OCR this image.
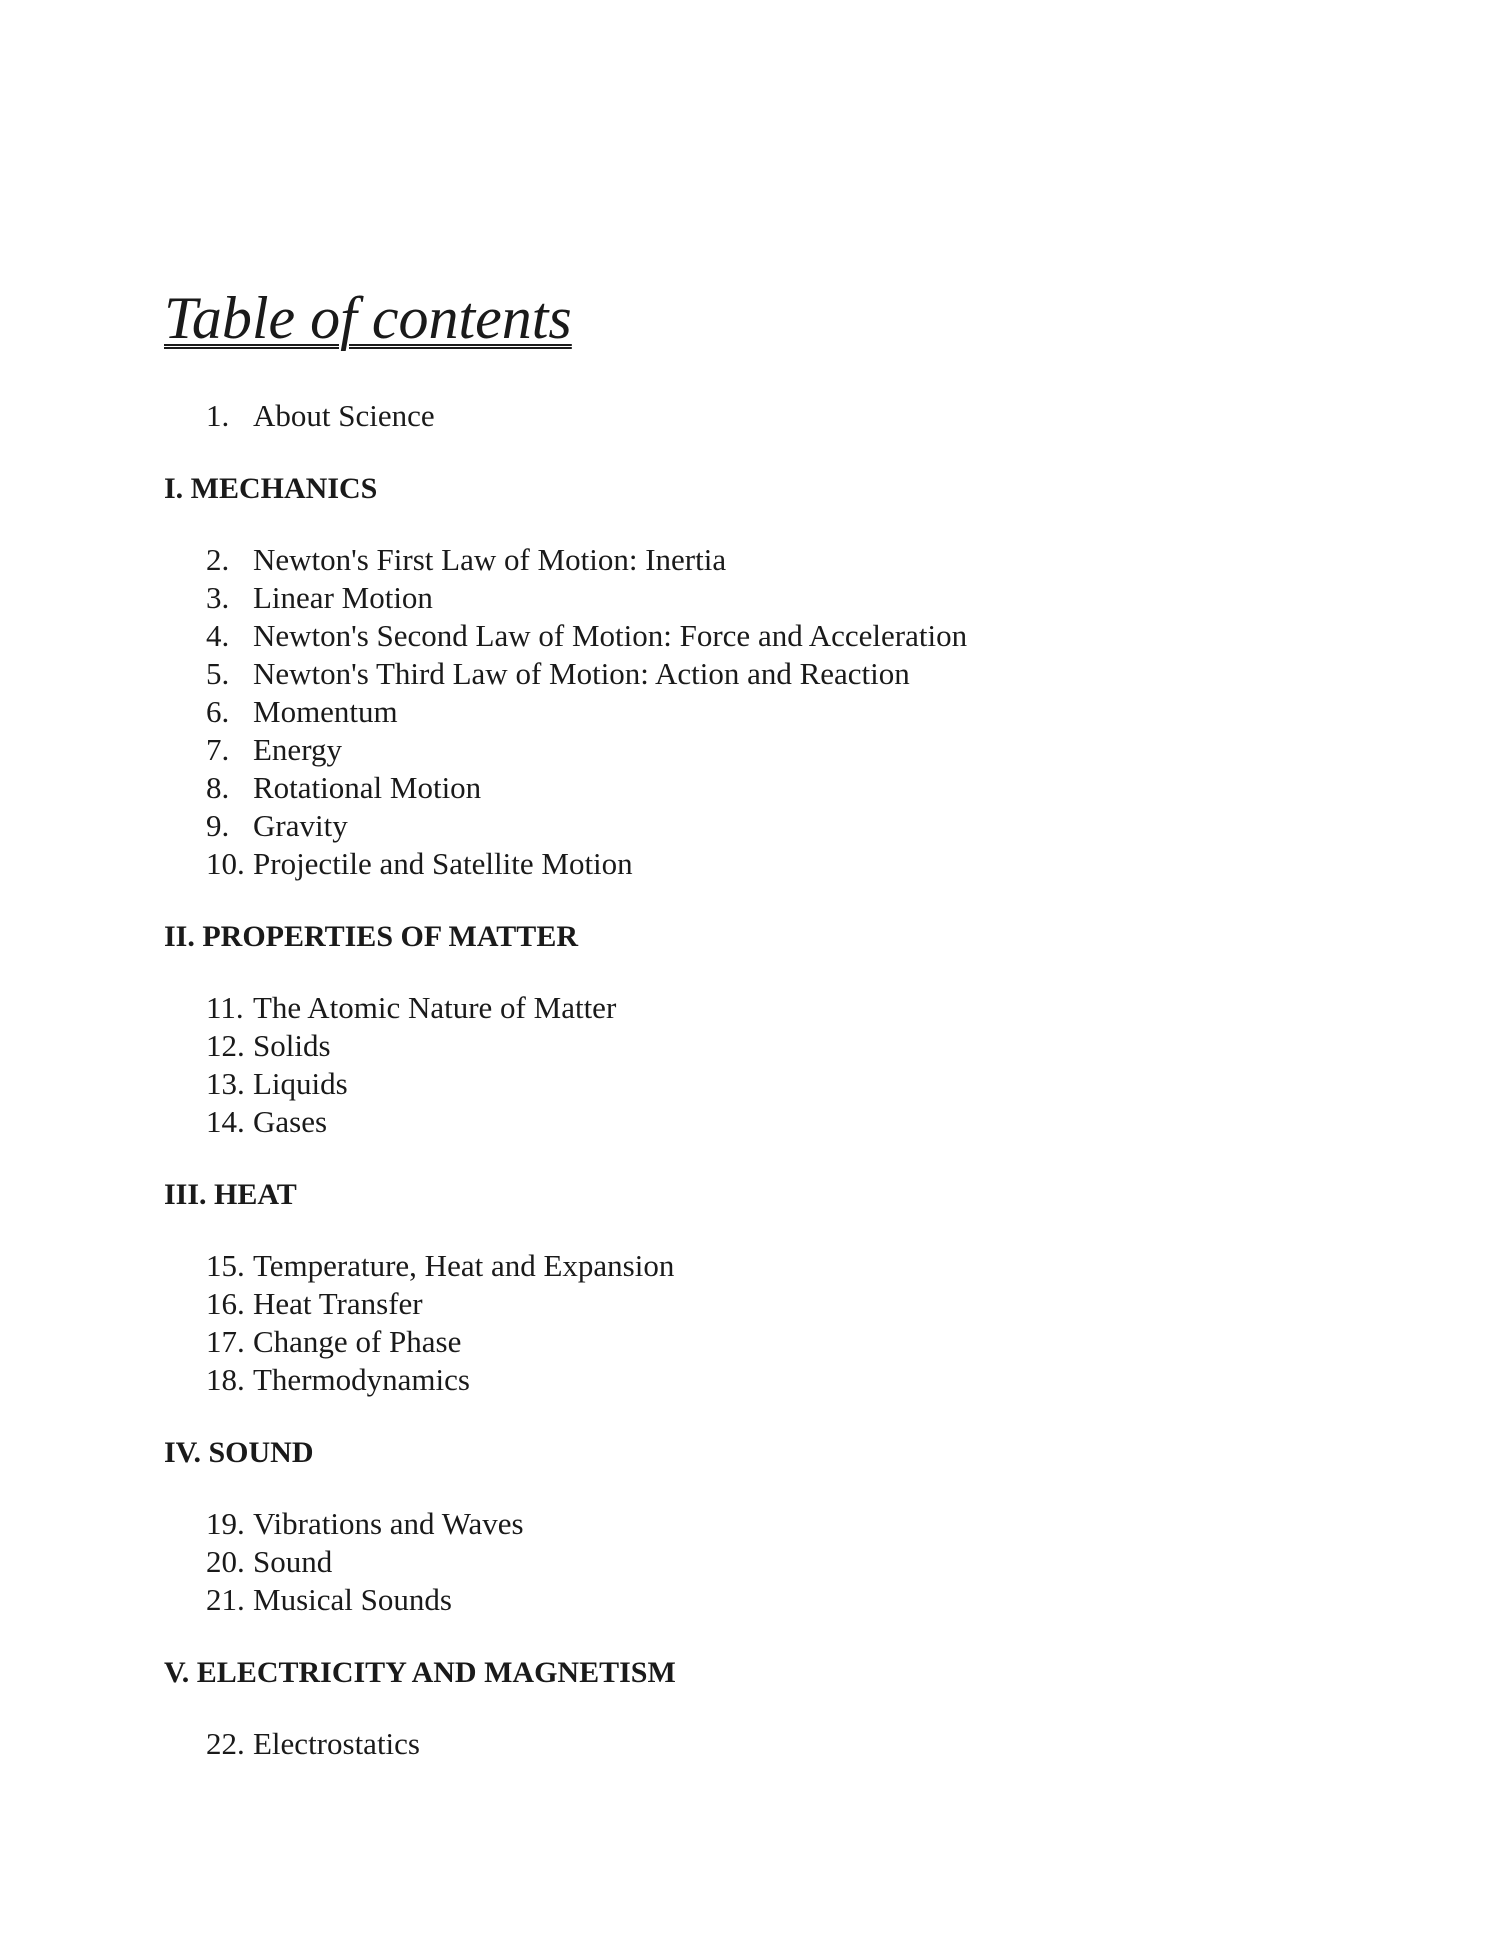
Table of contents
1. About Science
I. MECHANICS
2. Newton's First Law of Motion: Inertia
3. Linear Motion
4. Newton's Second Law of Motion: Force and Acceleration
5. Newton's Third Law of Motion: Action and Reaction
6. Momentum
7. Energy
8. Rotational Motion
9. Gravity
10. Projectile and Satellite Motion
II. PROPERTIES OF MATTER
11. The Atomic Nature of Matter
12. Solids
13. Liquids
14. Gases
III. HEAT
15. Temperature, Heat and Expansion
16. Heat Transfer
17. Change of Phase
18. Thermodynamics
IV. SOUND
19. Vibrations and Waves
20. Sound
21. Musical Sounds
V. ELECTRICITY AND MAGNETISM
22. Electrostatics
